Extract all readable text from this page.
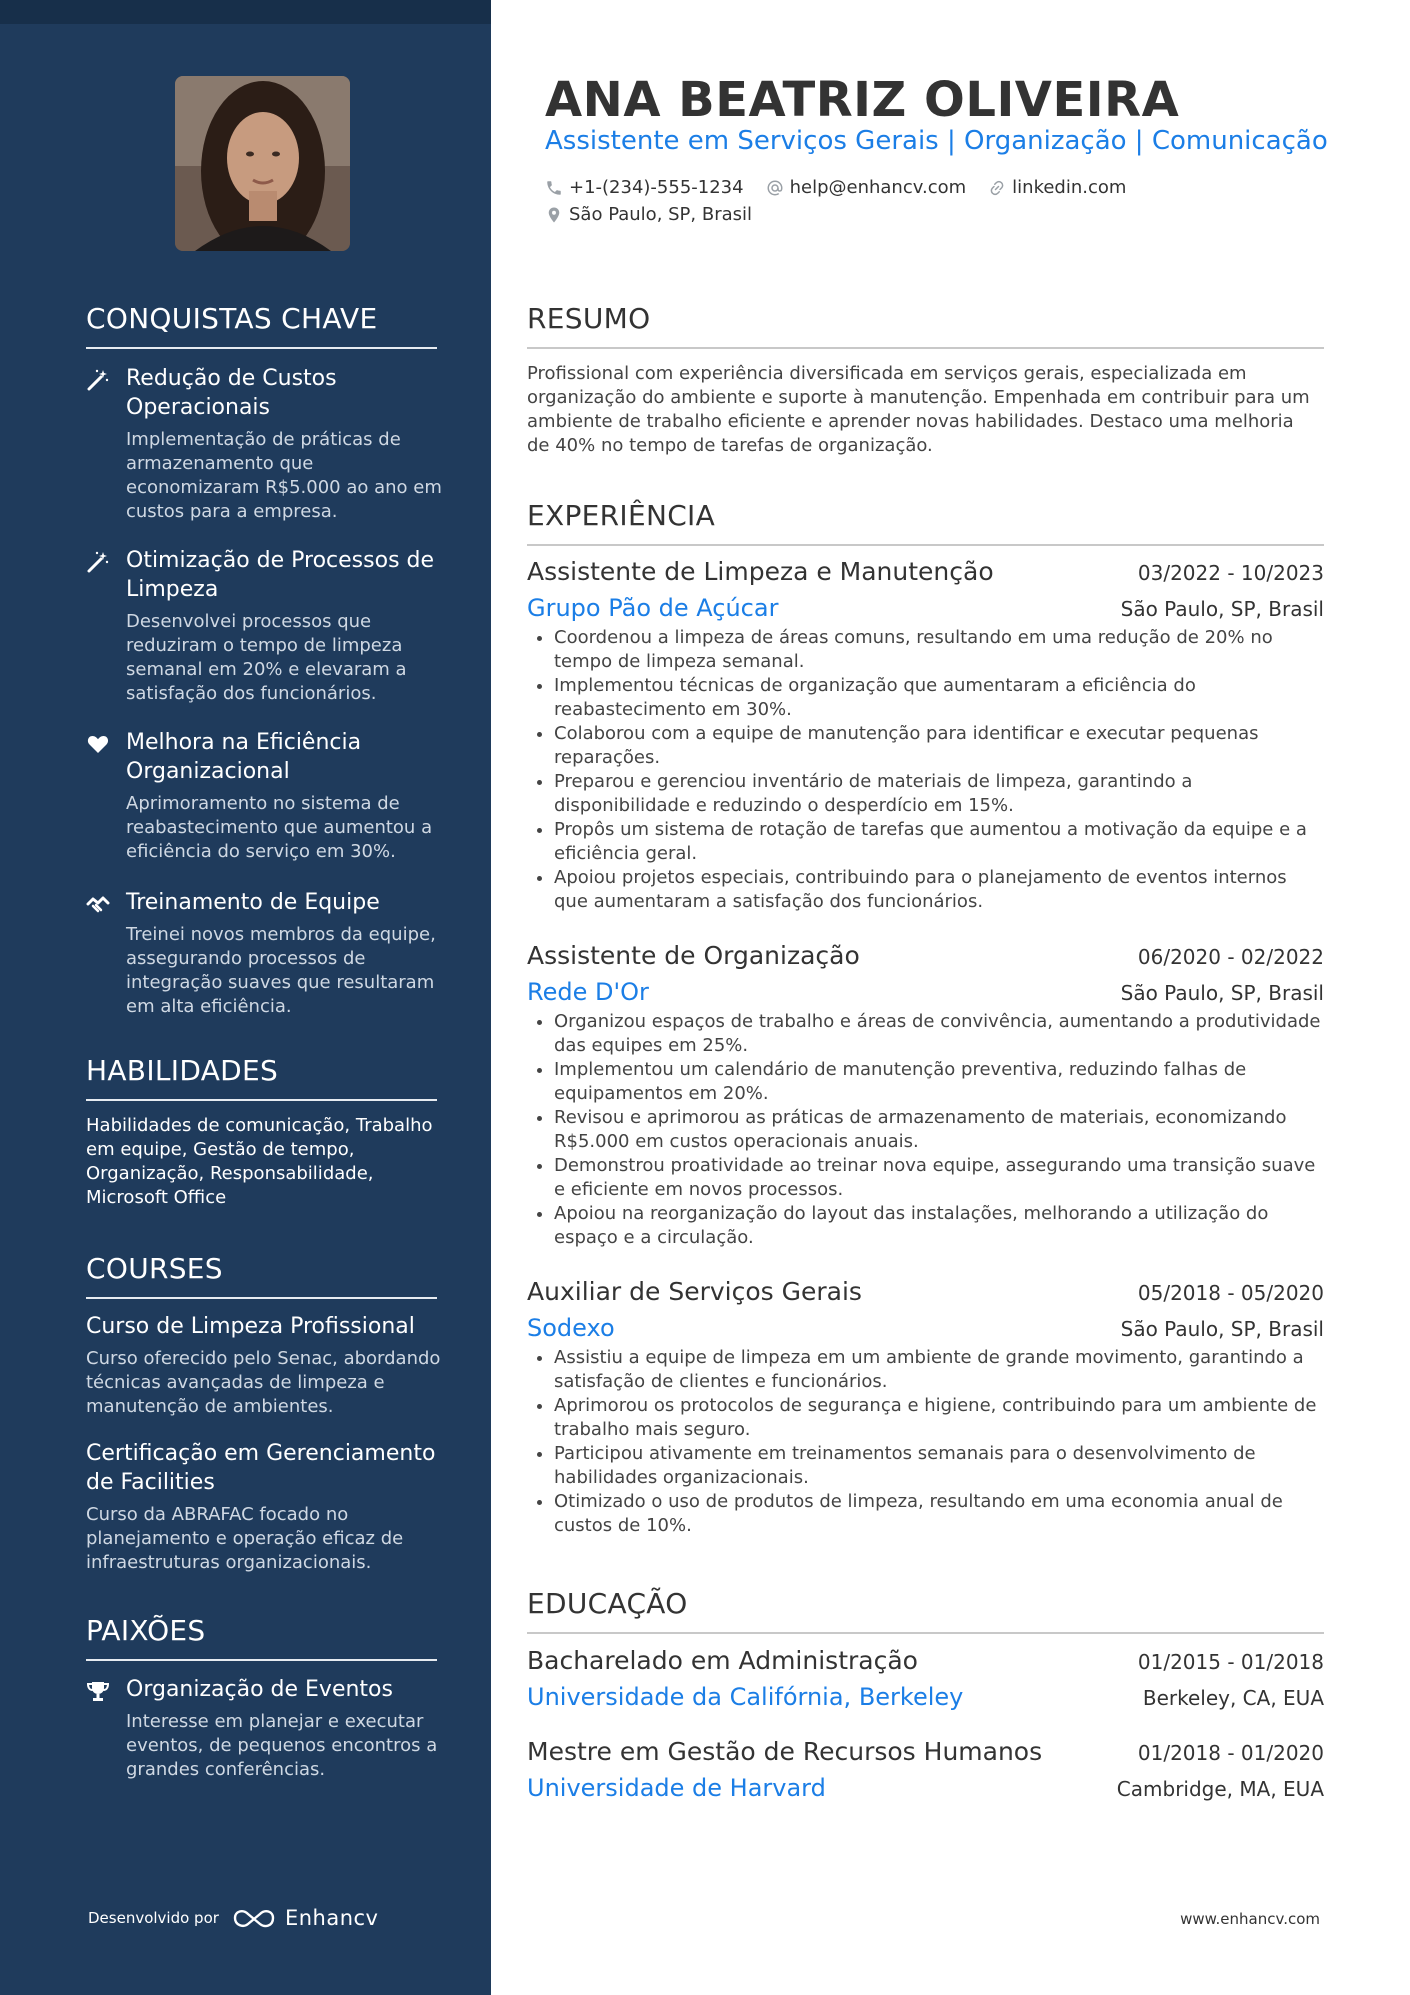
CONQUISTAS CHAVE
Redução de Custos Operacionais
Implementação de práticas de armazenamento que economizaram R$5.000 ao ano em custos para a empresa.
Otimização de Processos de Limpeza
Desenvolvei processos que reduziram o tempo de limpeza semanal em 20% e elevaram a satisfação dos funcionários.
Melhora na Eficiência Organizacional
Aprimoramento no sistema de reabastecimento que aumentou a eficiência do serviço em 30%.
Treinamento de Equipe
Treinei novos membros da equipe, assegurando processos de integração suaves que resultaram em alta eficiência.
HABILIDADES
Habilidades de comunicação, Trabalho em equipe, Gestão de tempo, Organização, Responsabilidade, Microsoft Office
COURSES
Curso de Limpeza Profissional
Curso oferecido pelo Senac, abordando técnicas avançadas de limpeza e manutenção de ambientes.
Certificação em Gerenciamento de Facilities
Curso da ABRAFAC focado no planejamento e operação eficaz de infraestruturas organizacionais.
PAIXÕES
Organização de Eventos
Interesse em planejar e executar eventos, de pequenos encontros a grandes conferências.
Desenvolvido por	Enhancv
ANA BEATRIZ OLIVEIRA
Assistente em Serviços Gerais | Organização | Comunicação
+1-(234)-555-1234	help@enhancv.com	linkedin.com
São Paulo, SP, Brasil
RESUMO
Profissional com experiência diversificada em serviços gerais, especializada em organização do ambiente e suporte à manutenção. Empenhada em contribuir para um ambiente de trabalho eficiente e aprender novas habilidades. Destaco uma melhoria de 40% no tempo de tarefas de organização.
EXPERIÊNCIA
Assistente de Limpeza e Manutenção	03/2022 - 10/2023
Grupo Pão de Açúcar	São Paulo, SP, Brasil
• Coordenou a limpeza de áreas comuns, resultando em uma redução de 20% no tempo de limpeza semanal.
• Implementou técnicas de organização que aumentaram a eficiência do reabastecimento em 30%.
• Colaborou com a equipe de manutenção para identificar e executar pequenas reparações.
• Preparou e gerenciou inventário de materiais de limpeza, garantindo a disponibilidade e reduzindo o desperdício em 15%.
• Propôs um sistema de rotação de tarefas que aumentou a motivação da equipe e a eficiência geral.
• Apoiou projetos especiais, contribuindo para o planejamento de eventos internos que aumentaram a satisfação dos funcionários.
Assistente de Organização	06/2020 - 02/2022
Rede D'Or	São Paulo, SP, Brasil
• Organizou espaços de trabalho e áreas de convivência, aumentando a produtividade das equipes em 25%.
• Implementou um calendário de manutenção preventiva, reduzindo falhas de equipamentos em 20%.
• Revisou e aprimorou as práticas de armazenamento de materiais, economizando R$5.000 em custos operacionais anuais.
• Demonstrou proatividade ao treinar nova equipe, assegurando uma transição suave e eficiente em novos processos.
• Apoiou na reorganização do layout das instalações, melhorando a utilização do espaço e a circulação.
Auxiliar de Serviços Gerais	05/2018 - 05/2020
Sodexo	São Paulo, SP, Brasil
• Assistiu a equipe de limpeza em um ambiente de grande movimento, garantindo a satisfação de clientes e funcionários.
• Aprimorou os protocolos de segurança e higiene, contribuindo para um ambiente de trabalho mais seguro.
• Participou ativamente em treinamentos semanais para o desenvolvimento de habilidades organizacionais.
• Otimizado o uso de produtos de limpeza, resultando em uma economia anual de custos de 10%.
EDUCAÇÃO
Bacharelado em Administração	01/2015 - 01/2018
Universidade da Califórnia, Berkeley	Berkeley, CA, EUA
Mestre em Gestão de Recursos Humanos	01/2018 - 01/2020
Universidade de Harvard	Cambridge, MA, EUA
www.enhancv.com
